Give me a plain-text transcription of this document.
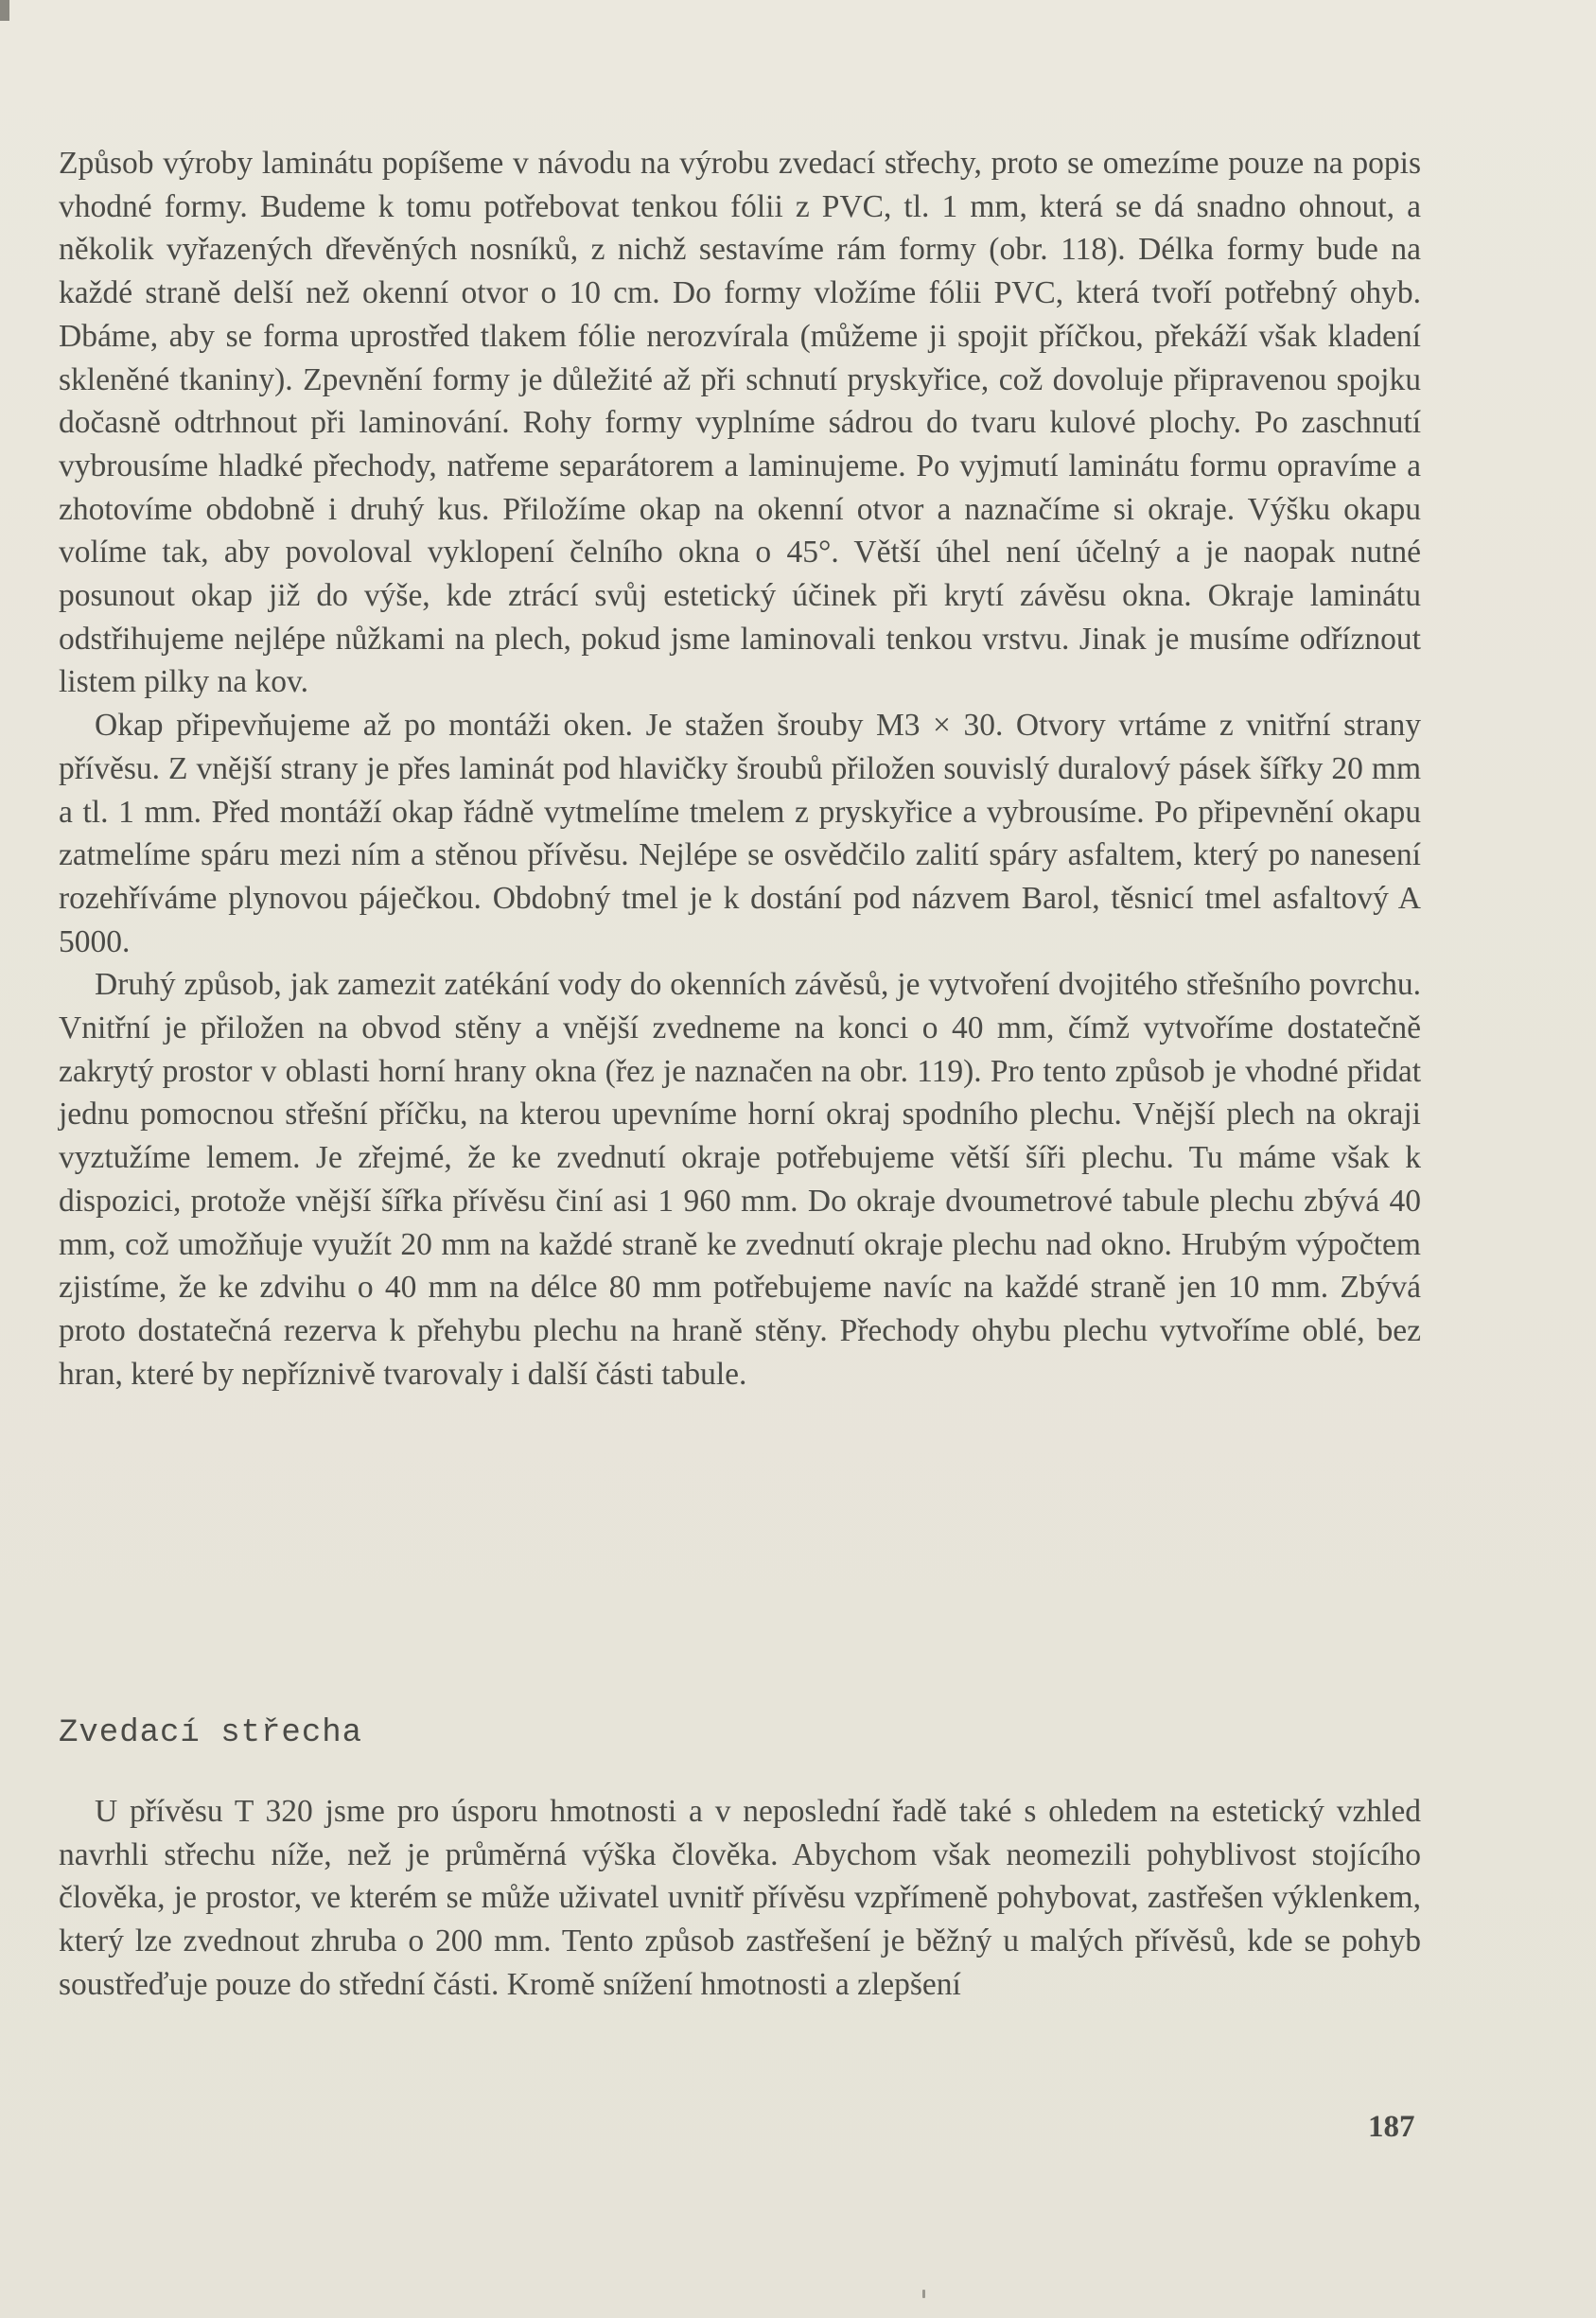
Způsob výroby laminátu popíšeme v návodu na výrobu zvedací střechy, proto se omezíme pouze na popis vhodné formy. Budeme k tomu potřebovat tenkou fólii z PVC, tl. 1 mm, která se dá snadno ohnout, a několik vyřazených dřevěných nosníků, z nichž sestavíme rám formy (obr. 118). Délka formy bude na každé straně delší než okenní otvor o 10 cm. Do formy vložíme fólii PVC, která tvoří potřebný ohyb. Dbáme, aby se forma uprostřed tlakem fólie nerozvírala (můžeme ji spojit příčkou, překáží však kladení skleněné tkaniny). Zpevnění formy je důležité až při schnutí pryskyřice, což dovoluje připravenou spojku dočasně odtrhnout při laminování. Rohy formy vyplníme sádrou do tvaru kulové plochy. Po zaschnutí vybrousíme hladké přechody, natřeme separátorem a laminujeme. Po vyjmutí laminátu formu opravíme a zhotovíme obdobně i druhý kus. Přiložíme okap na okenní otvor a naznačíme si okraje. Výšku okapu volíme tak, aby povoloval vyklopení čelního okna o 45°. Větší úhel není účelný a je naopak nutné posunout okap již do výše, kde ztrácí svůj estetický účinek při krytí závěsu okna. Okraje laminátu odstřihujeme nejlépe nůžkami na plech, pokud jsme laminovali tenkou vrstvu. Jinak je musíme odříznout listem pilky na kov.

Okap připevňujeme až po montáži oken. Je stažen šrouby M3 × 30. Otvory vrtáme z vnitřní strany přívěsu. Z vnější strany je přes laminát pod hlavičky šroubů přiložen souvislý duralový pásek šířky 20 mm a tl. 1 mm. Před montáží okap řádně vytmelíme tmelem z pryskyřice a vybrousíme. Po připevnění okapu zatmelíme spáru mezi ním a stěnou přívěsu. Nejlépe se osvědčilo zalití spáry asfaltem, který po nanesení rozehříváme plynovou páječkou. Obdobný tmel je k dostání pod názvem Barol, těsnicí tmel asfaltový A 5000.

Druhý způsob, jak zamezit zatékání vody do okenních závěsů, je vytvoření dvojitého střešního povrchu. Vnitřní je přiložen na obvod stěny a vnější zvedneme na konci o 40 mm, čímž vytvoříme dostatečně zakrytý prostor v oblasti horní hrany okna (řez je naznačen na obr. 119). Pro tento způsob je vhodné přidat jednu pomocnou střešní příčku, na kterou upevníme horní okraj spodního plechu. Vnější plech na okraji vyztužíme lemem. Je zřejmé, že ke zvednutí okraje potřebujeme větší šíři plechu. Tu máme však k dispozici, protože vnější šířka přívěsu činí asi 1 960 mm. Do okraje dvoumetrové tabule plechu zbývá 40 mm, což umožňuje využít 20 mm na každé straně ke zvednutí okraje plechu nad okno. Hrubým výpočtem zjistíme, že ke zdvihu o 40 mm na délce 80 mm potřebujeme navíc na každé straně jen 10 mm. Zbývá proto dostatečná rezerva k přehybu plechu na hraně stěny. Přechody ohybu plechu vytvoříme oblé, bez hran, které by nepříznivě tvarovaly i další části tabule.

Zvedací střecha

U přívěsu T 320 jsme pro úsporu hmotnosti a v neposlední řadě také s ohledem na estetický vzhled navrhli střechu níže, než je průměrná výška člověka. Abychom však neomezili pohyblivost stojícího člověka, je prostor, ve kterém se může uživatel uvnitř přívěsu vzpřímeně pohybovat, zastřešen výklenkem, který lze zvednout zhruba o 200 mm. Tento způsob zastřešení je běžný u malých přívěsů, kde se pohyb soustřeďuje pouze do střední části. Kromě snížení hmotnosti a zlepšení

187
